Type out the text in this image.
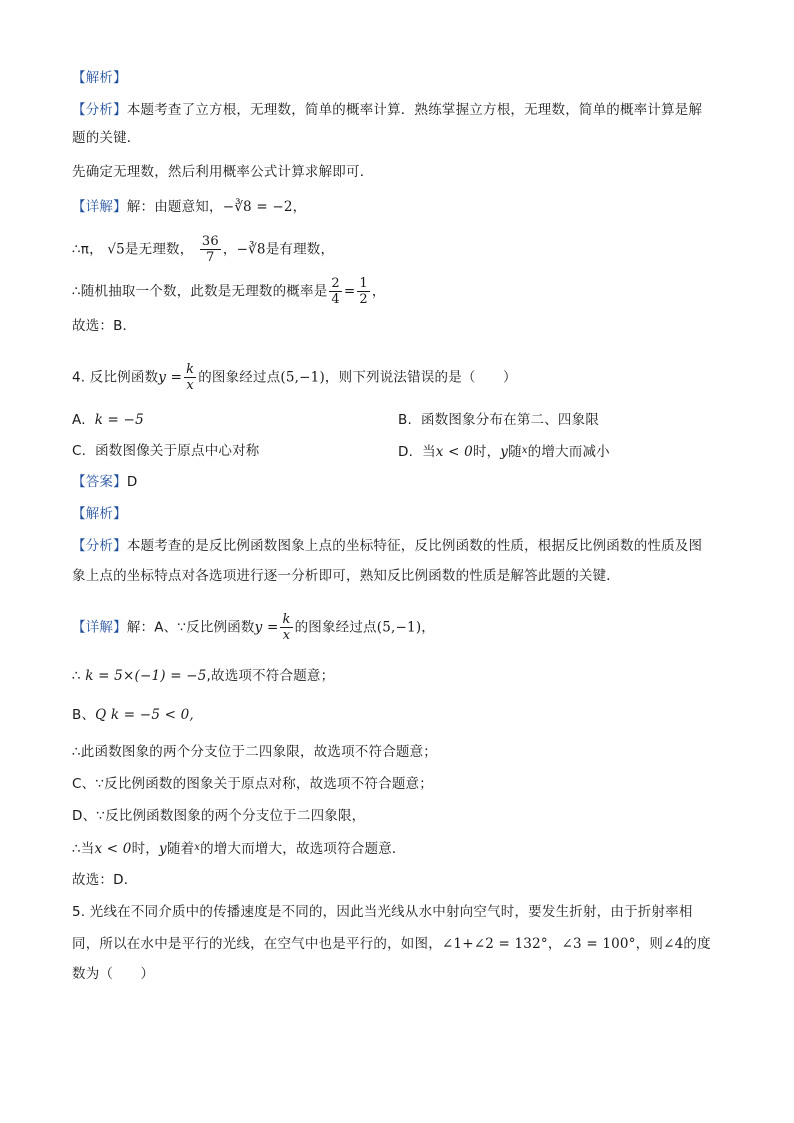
【解析】
【分析】本题考查了立方根，无理数，简单的概率计算．熟练掌握立方根，无理数，简单的概率计算是解
题的关键．
先确定无理数，然后利用概率公式计算求解即可．
【详解】解：由题意知，−∛8 = −2，
∴π， √5是无理数， $\frac{36}{7}$ ，−∛8是有理数，
∴随机抽取一个数，此数是无理数的概率是 $\frac{2}{4} = \frac{1}{2}$ ，
故选：B．
4. 反比例函数$y = \frac{k}{x}$ 的图象经过点(5,−1)，则下列说法错误的是（　　）
A. k = −5	B. 函数图象分布在第二、四象限
C. 函数图像关于原点中心对称	D. 当x < 0时，y随$^x$的增大而减小
【答案】D
【解析】
【分析】本题考查的是反比例函数图象上点的坐标特征，反比例函数的性质，根据反比例函数的性质及图
象上点的坐标特点对各选项进行逐一分析即可，熟知反比例函数的性质是解答此题的关键．
【详解】解：A、∵反比例函数$y = \frac{k}{x}$ 的图象经过点(5,−1)，
∴ k = 5×(−1) = −5,故选项不符合题意；
B、Q k = −5 < 0,
∴此函数图象的两个分支位于二四象限，故选项不符合题意；
C、∵反比例函数的图象关于原点对称，故选项不符合题意；
D、∵反比例函数图象的两个分支位于二四象限，
∴当x < 0时，y随着$^x$的增大而增大，故选项符合题意．
故选：D．
5. 光线在不同介质中的传播速度是不同的，因此当光线从水中射向空气时，要发生折射，由于折射率相
同，所以在水中是平行的光线，在空气中也是平行的，如图，∠1+∠2 = 132°，∠3 = 100°，则∠4的度
数为（　　）
